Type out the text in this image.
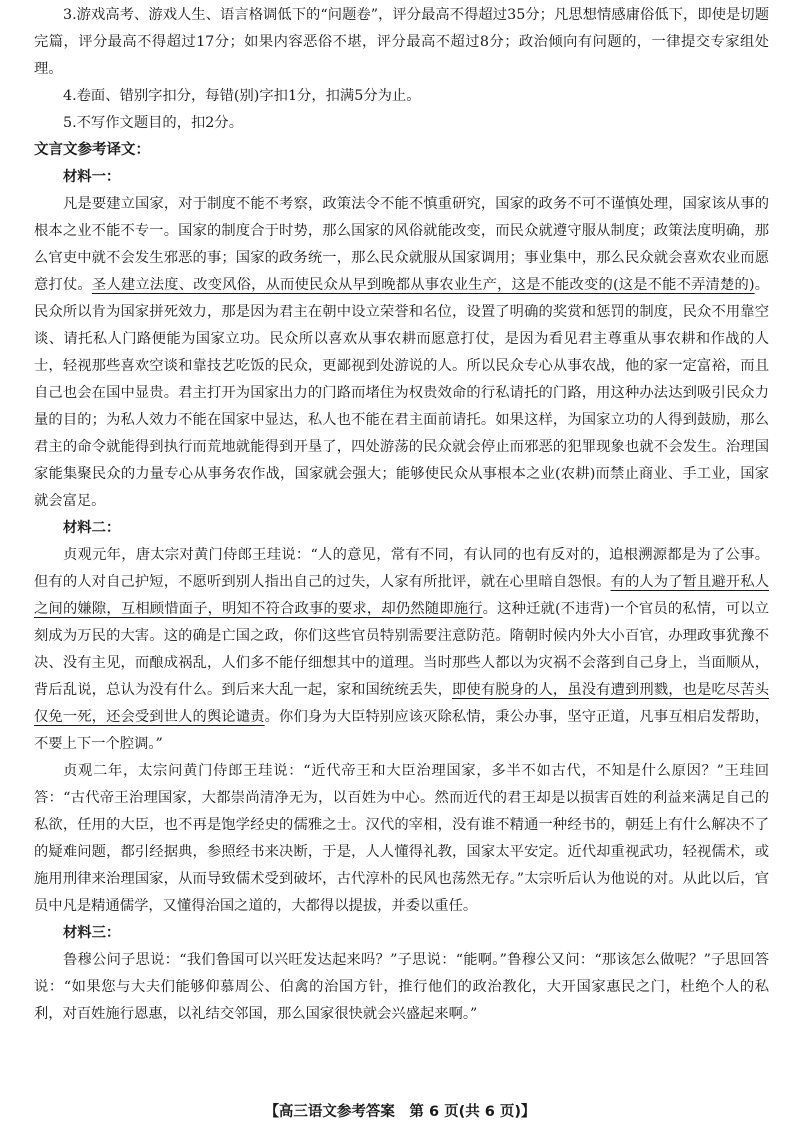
3.游戏高考、游戏人生、语言格调低下的“问题卷”，评分最高不得超过35分；凡思想情感庸俗低下，即使是切题完篇，评分最高不得超过17分；如果内容恶俗不堪，评分最高不超过8分；政治倾向有问题的，一律提交专家组处理。

4.卷面、错别字扣分，每错(别)字扣1分，扣满5分为止。

5.不写作文题目的，扣2分。

文言文参考译文：

材料一：

凡是要建立国家，对于制度不能不考察，政策法令不能不慎重研究，国家的政务不可不谨慎处理，国家该从事的根本之业不能不专一。国家的制度合于时势，那么国家的风俗就能改变，而民众就遵守服从制度；政策法度明确，那么官吏中就不会发生邪恶的事；国家的政务统一，那么民众就服从国家调用；事业集中，那么民众就会喜欢农业而愿意打仗。圣人建立法度、改变风俗，从而使民众从早到晚都从事农业生产，这是不能改变的(这是不能不弄清楚的)。民众所以肯为国家拼死效力，那是因为君主在朝中设立荣誉和名位，设置了明确的奖赏和惩罚的制度，民众不用靠空谈、请托私人门路便能为国家立功。民众所以喜欢从事农耕而愿意打仗，是因为看见君主尊重从事农耕和作战的人士，轻视那些喜欢空谈和靠技艺吃饭的民众，更鄙视到处游说的人。所以民众专心从事农战，他的家一定富裕，而且自己也会在国中显贵。君主打开为国家出力的门路而堵住为权贵效命的行私请托的门路，用这种办法达到吸引民众力量的目的；为私人效力不能在国家中显达，私人也不能在君主面前请托。如果这样，为国家立功的人得到鼓励，那么君主的命令就能得到执行而荒地就能得到开垦了，四处游荡的民众就会停止而邪恶的犯罪现象也就不会发生。治理国家能集聚民众的力量专心从事务农作战，国家就会强大；能够使民众从事根本之业(农耕)而禁止商业、手工业，国家就会富足。

材料二：

贞观元年，唐太宗对黄门侍郎王珪说：“人的意见，常有不同，有认同的也有反对的，追根溯源都是为了公事。但有的人对自己护短，不愿听到别人指出自己的过失，人家有所批评，就在心里暗自怨恨。有的人为了暂且避开私人之间的嫌隙，互相顾惜面子，明知不符合政事的要求，却仍然随即施行。这种迁就(不违背)一个官员的私情，可以立刻成为万民的大害。这的确是亡国之政，你们这些官员特别需要注意防范。隋朝时候内外大小百官，办理政事犹豫不决、没有主见，而酿成祸乱，人们多不能仔细想其中的道理。当时那些人都以为灾祸不会落到自己身上，当面顺从，背后乱说，总认为没有什么。到后来大乱一起，家和国统统丢失，即使有脱身的人，虽没有遭到刑戮，也是吃尽苦头仅免一死，还会受到世人的舆论谴责。你们身为大臣特别应该灭除私情，秉公办事，坚守正道，凡事互相启发帮助，不要上下一个腔调。”

贞观二年，太宗问黄门侍郎王珪说：“近代帝王和大臣治理国家，多半不如古代，不知是什么原因？”王珪回答：“古代帝王治理国家，大都崇尚清净无为，以百姓为中心。然而近代的君王却是以损害百姓的利益来满足自己的私欲，任用的大臣，也不再是饱学经史的儒雅之士。汉代的宰相，没有谁不精通一种经书的，朝廷上有什么解决不了的疑难问题，都引经据典，参照经书来决断，于是，人人懂得礼教，国家太平安定。近代却重视武功，轻视儒术，或施用刑律来治理国家，从而导致儒术受到破坏，古代淳朴的民风也荡然无存。”太宗听后认为他说的对。从此以后，官员中凡是精通儒学，又懂得治国之道的，大都得以提拔，并委以重任。

材料三：

鲁穆公问子思说：“我们鲁国可以兴旺发达起来吗？”子思说：“能啊。”鲁穆公又问：“那该怎么做呢？”子思回答说：“如果您与大夫们能够仰慕周公、伯禽的治国方针，推行他们的政治教化，大开国家惠民之门，杜绝个人的私利，对百姓施行恩惠，以礼结交邻国，那么国家很快就会兴盛起来啊。”

【高三语文参考答案　第 6 页(共 6 页)】
